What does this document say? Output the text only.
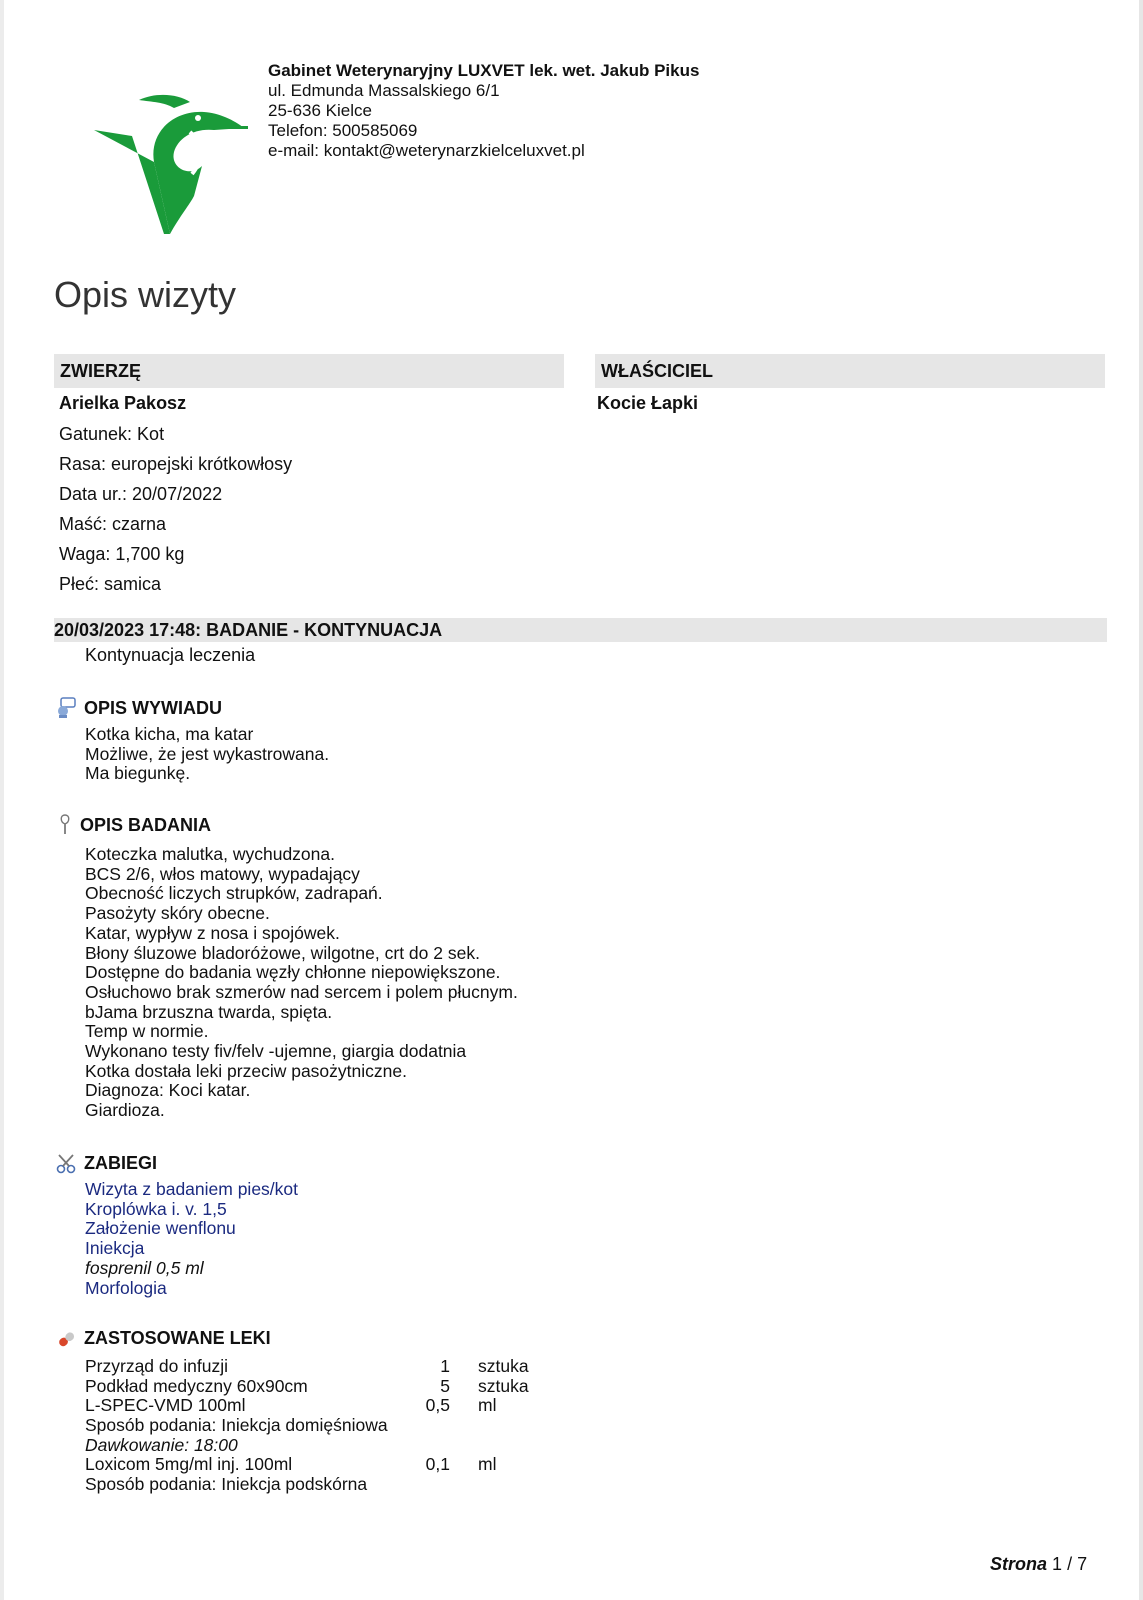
Gabinet Weterynaryjny LUXVET lek. wet. Jakub Pikus
ul. Edmunda Massalskiego 6/1
25-636 Kielce
Telefon: 500585069
e-mail: kontakt@weterynarzkielceluxvet.pl
Opis wizyty
ZWIERZĘ	WŁAŚCICIEL
Arielka Pakosz
Gatunek: Kot
Rasa: europejski krótkowłosy
Data ur.: 20/07/2022
Maść: czarna
Waga: 1,700 kg
Płeć: samica
Kocie Łapki
20/03/2023 17:48: BADANIE - KONTYNUACJA
Kontynuacja leczenia
OPIS WYWIADU
Kotka kicha, ma katar
Możliwe, że jest wykastrowana.
Ma biegunkę.
OPIS BADANIA
Koteczka malutka, wychudzona.
BCS 2/6, włos matowy, wypadający
Obecność liczych strupków, zadrapań.
Pasożyty skóry obecne.
Katar, wypływ z nosa i spojówek.
Błony śluzowe bladoróżowe, wilgotne, crt do 2 sek.
Dostępne do badania węzły chłonne niepowiększone.
Osłuchowo brak szmerów nad sercem i polem płucnym.
bJama brzuszna twarda, spięta.
Temp w normie.
Wykonano testy fiv/felv -ujemne, giargia dodatnia
Kotka dostała leki przeciw pasożytniczne.
Diagnoza: Koci katar.
Giardioza.
ZABIEGI
Wizyta z badaniem pies/kot
Kroplówka i. v. 1,5
Założenie wenflonu
Iniekcja
fosprenil 0,5 ml
Morfologia
ZASTOSOWANE LEKI
Przyrząd do infuzji	1	sztuka
Podkład medyczny 60x90cm	5	sztuka
L-SPEC-VMD 100ml	0,5	ml
Sposób podania: Iniekcja domięśniowa
Dawkowanie: 18:00
Loxicom 5mg/ml inj. 100ml	0,1	ml
Sposób podania: Iniekcja podskórna
Strona 1 / 7
